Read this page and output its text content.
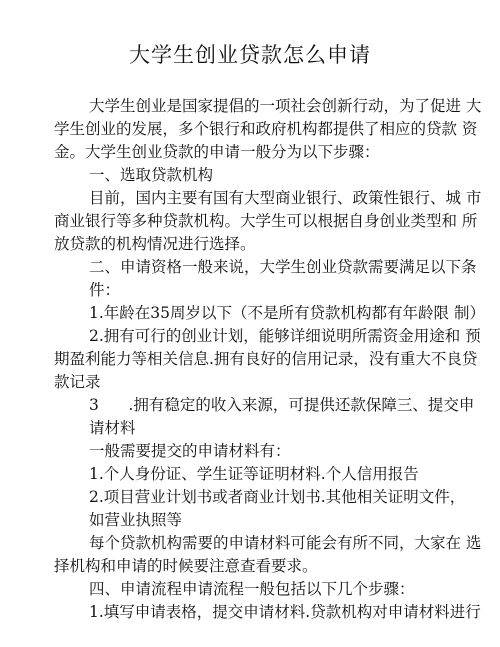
大学生创业贷款怎么申请

大学生创业是国家提倡的一项社会创新行动，为了促进 大

学生创业的发展，多个银行和政府机构都提供了相应的贷款 资

金。大学生创业贷款的申请一般分为以下步骤：

一、选取贷款机构

目前，国内主要有国有大型商业银行、政策性银行、城 市

商业银行等多种贷款机构。大学生可以根据自身创业类型和 所

放贷款的机构情况进行选择。

二、申请资格一般来说，大学生创业贷款需要满足以下条

件：

1.年龄在35周岁以下（不是所有贷款机构都有年龄限 制）

2.拥有可行的创业计划，能够详细说明所需资金用途和 预

期盈利能力等相关信息.拥有良好的信用记录，没有重大不良贷

款记录

3      .拥有稳定的收入来源，可提供还款保障三、提交申

请材料

一般需要提交的申请材料有：

1.个人身份证、学生证等证明材料.个人信用报告

2.项目营业计划书或者商业计划书.其他相关证明文件，

如营业执照等

每个贷款机构需要的申请材料可能会有所不同，大家在 选

择机构和申请的时候要注意查看要求。

四、申请流程申请流程一般包括以下几个步骤：

1.填写申请表格，提交申请材料.贷款机构对申请材料进行
